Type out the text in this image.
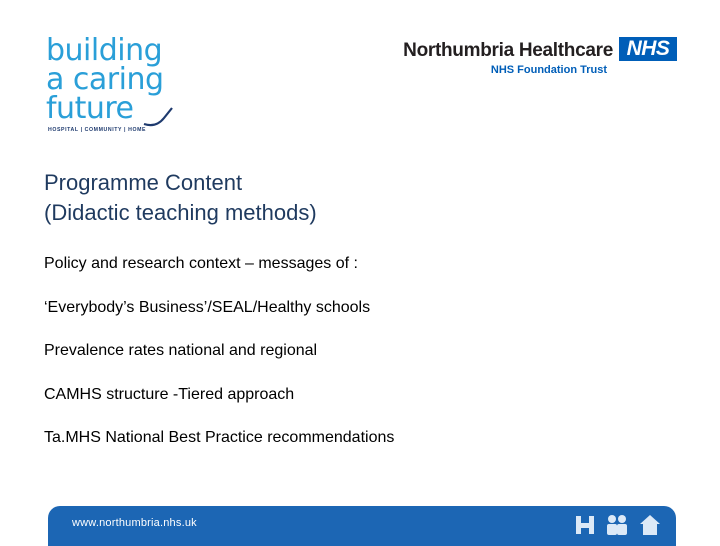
building
a caring
future
HOSPITAL | COMMUNITY | HOME
Northumbria Healthcare
NHS Foundation Trust
NHS
Programme Content
(Didactic teaching methods)
Policy and research context – messages of :
‘Everybody’s Business’/SEAL/Healthy schools
Prevalence rates national and regional
CAMHS structure -Tiered approach
Ta.MHS National Best Practice recommendations
www.northumbria.nhs.uk
